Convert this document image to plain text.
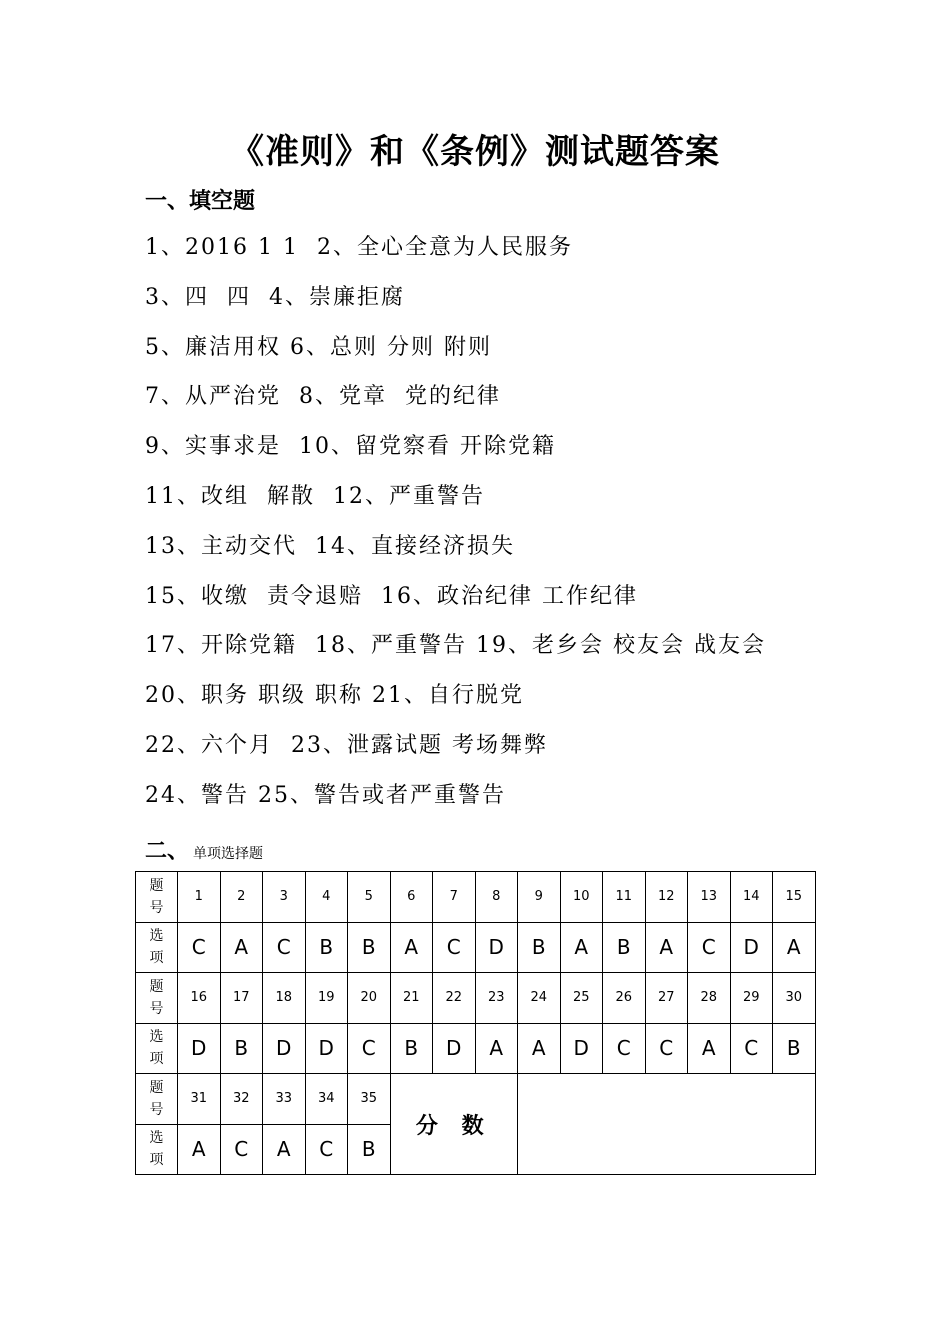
《准则》和《条例》测试题答案
一、填空题
1、2016 1 1  2、全心全意为人民服务
3、四  四  4、崇廉拒腐
5、廉洁用权 6、总则 分则 附则
7、从严治党  8、党章  党的纪律
9、实事求是  10、留党察看 开除党籍
11、改组  解散  12、严重警告
13、主动交代  14、直接经济损失
15、收缴  责令退赔  16、政治纪律 工作纪律
17、开除党籍  18、严重警告 19、老乡会 校友会 战友会
20、职务 职级 职称 21、自行脱党
22、六个月  23、泄露试题 考场舞弊
24、警告 25、警告或者严重警告
二、 单项选择题
题
号	1	2	3	4	5	6	7	8	9	10	11	12	13	14	15
选
项	C	A	C	B	B	A	C	D	B	A	B	A	C	D	A
题
号	16	17	18	19	20	21	22	23	24	25	26	27	28	29	30
选
项	D	B	D	D	C	B	D	A	A	D	C	C	A	C	B
题
号	31	32	33	34	35	分 数									
选
项	A	C	A	C	B										
